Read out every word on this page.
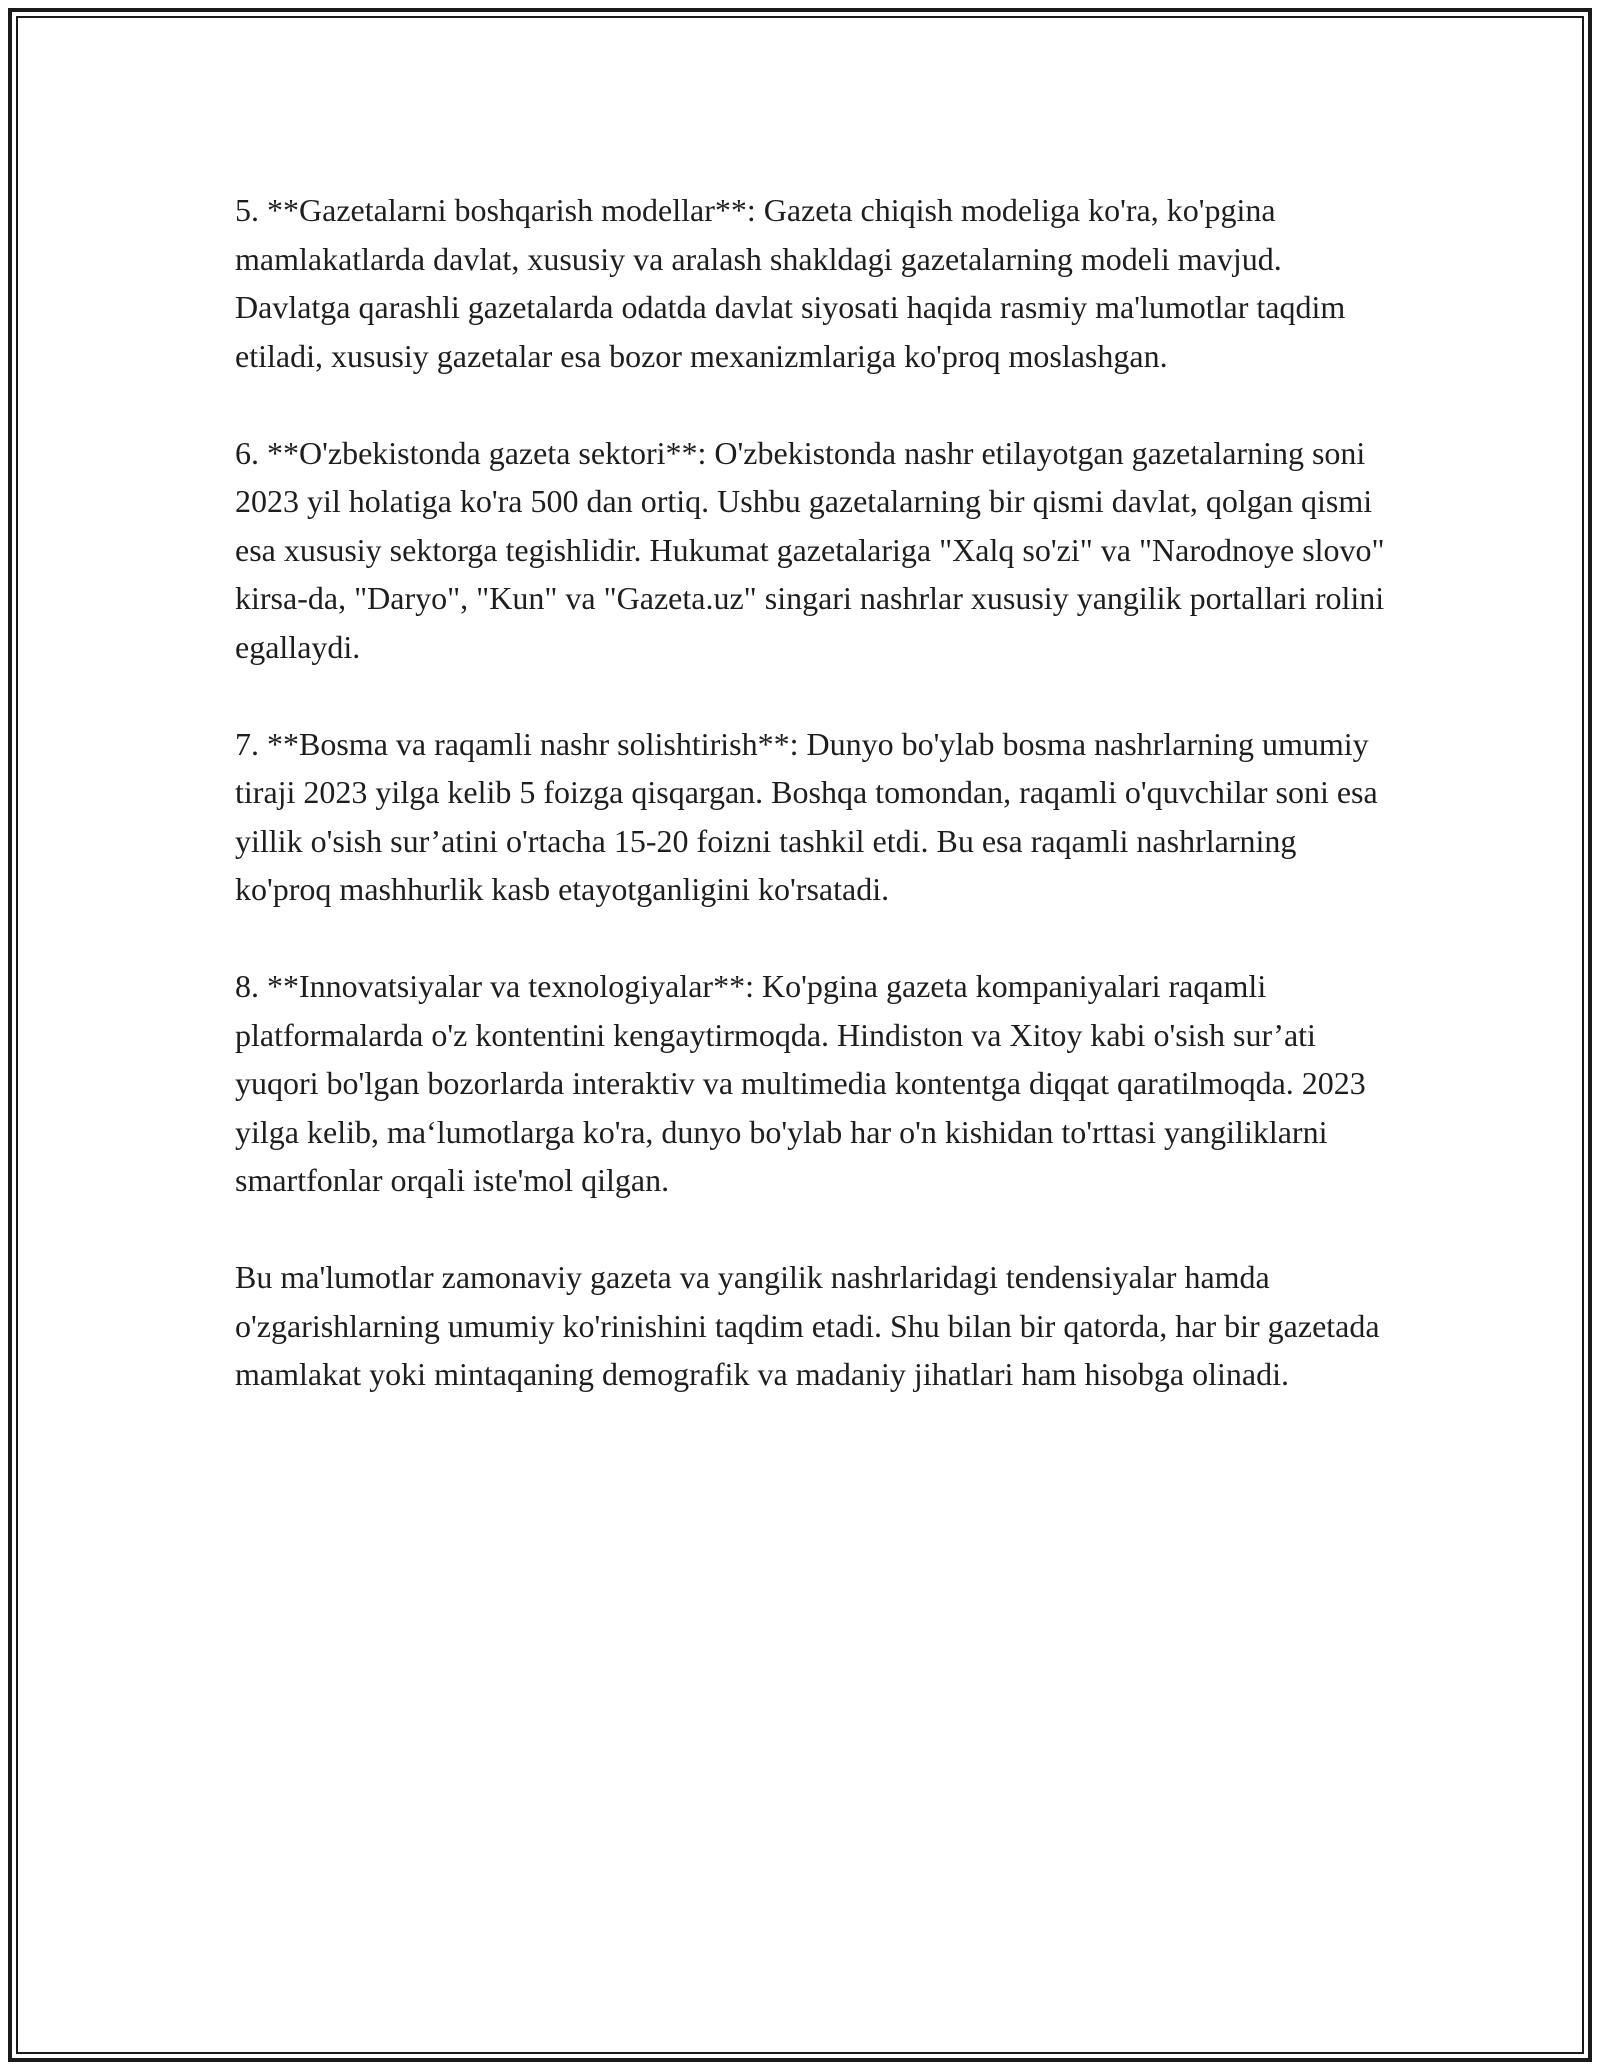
5. **Gazetalarni boshqarish modellar**: Gazeta chiqish modeliga ko'ra, ko'pgina mamlakatlarda davlat, xususiy va aralash shakldagi gazetalarning modeli mavjud. Davlatga qarashli gazetalarda odatda davlat siyosati haqida rasmiy ma'lumotlar taqdim etiladi, xususiy gazetalar esa bozor mexanizmlariga ko'proq moslashgan.

6. **O'zbekistonda gazeta sektori**: O'zbekistonda nashr etilayotgan gazetalarning soni 2023 yil holatiga ko'ra 500 dan ortiq. Ushbu gazetalarning bir qismi davlat, qolgan qismi esa xususiy sektorga tegishlidir. Hukumat gazetalariga "Xalq so'zi" va "Narodnoye slovo" kirsa-da, "Daryo", "Kun" va "Gazeta.uz" singari nashrlar xususiy yangilik portallari rolini egallaydi.

7. **Bosma va raqamli nashr solishtirish**: Dunyo bo'ylab bosma nashrlarning umumiy tiraji 2023 yilga kelib 5 foizga qisqargan. Boshqa tomondan, raqamli o'quvchilar soni esa yillik o'sish sur’atini o'rtacha 15-20 foizni tashkil etdi. Bu esa raqamli nashrlarning ko'proq mashhurlik kasb etayotganligini ko'rsatadi.

8. **Innovatsiyalar va texnologiyalar**: Ko'pgina gazeta kompaniyalari raqamli platformalarda o'z kontentini kengaytirmoqda. Hindiston va Xitoy kabi o'sish sur’ati yuqori bo'lgan bozorlarda interaktiv va multimedia kontentga diqqat qaratilmoqda. 2023 yilga kelib, ma‘lumotlarga ko'ra, dunyo bo'ylab har o'n kishidan to'rttasi yangiliklarni smartfonlar orqali iste'mol qilgan.

Bu ma'lumotlar zamonaviy gazeta va yangilik nashrlaridagi tendensiyalar hamda o'zgarishlarning umumiy ko'rinishini taqdim etadi. Shu bilan bir qatorda, har bir gazetada mamlakat yoki mintaqaning demografik va madaniy jihatlari ham hisobga olinadi.
